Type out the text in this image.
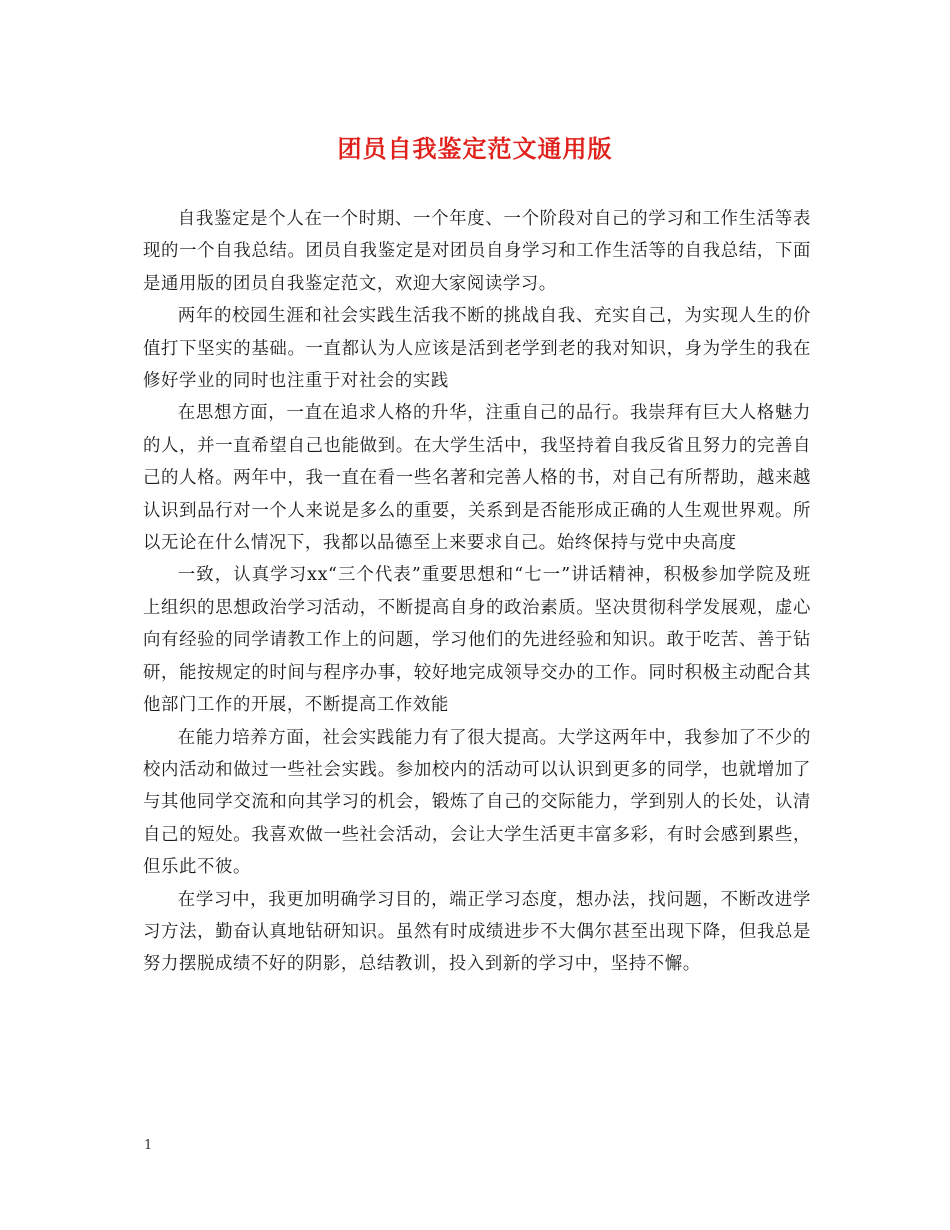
团员自我鉴定范文通用版

自我鉴定是个人在一个时期、一个年度、一个阶段对自己的学习和工作生活等表现的一个自我总结。团员自我鉴定是对团员自身学习和工作生活等的自我总结，下面是通用版的团员自我鉴定范文，欢迎大家阅读学习。

两年的校园生涯和社会实践生活我不断的挑战自我、充实自己，为实现人生的价值打下坚实的基础。一直都认为人应该是活到老学到老的我对知识，身为学生的我在修好学业的同时也注重于对社会的实践

在思想方面，一直在追求人格的升华，注重自己的品行。我崇拜有巨大人格魅力的人，并一直希望自己也能做到。在大学生活中，我坚持着自我反省且努力的完善自己的人格。两年中，我一直在看一些名著和完善人格的书，对自己有所帮助，越来越认识到品行对一个人来说是多么的重要，关系到是否能形成正确的人生观世界观。所以无论在什么情况下，我都以品德至上来要求自己。始终保持与党中央高度

一致，认真学习xx“三个代表”重要思想和“七一”讲话精神，积极参加学院及班上组织的思想政治学习活动，不断提高自身的政治素质。坚决贯彻科学发展观，虚心向有经验的同学请教工作上的问题，学习他们的先进经验和知识。敢于吃苦、善于钻研，能按规定的时间与程序办事，较好地完成领导交办的工作。同时积极主动配合其他部门工作的开展，不断提高工作效能

在能力培养方面，社会实践能力有了很大提高。大学这两年中，我参加了不少的校内活动和做过一些社会实践。参加校内的活动可以认识到更多的同学，也就增加了与其他同学交流和向其学习的机会，锻炼了自己的交际能力，学到别人的长处，认清自己的短处。我喜欢做一些社会活动，会让大学生活更丰富多彩，有时会感到累些，但乐此不彼。

在学习中，我更加明确学习目的，端正学习态度，想办法，找问题，不断改进学习方法，勤奋认真地钻研知识。虽然有时成绩进步不大偶尔甚至出现下降，但我总是努力摆脱成绩不好的阴影，总结教训，投入到新的学习中，坚持不懈。

1
